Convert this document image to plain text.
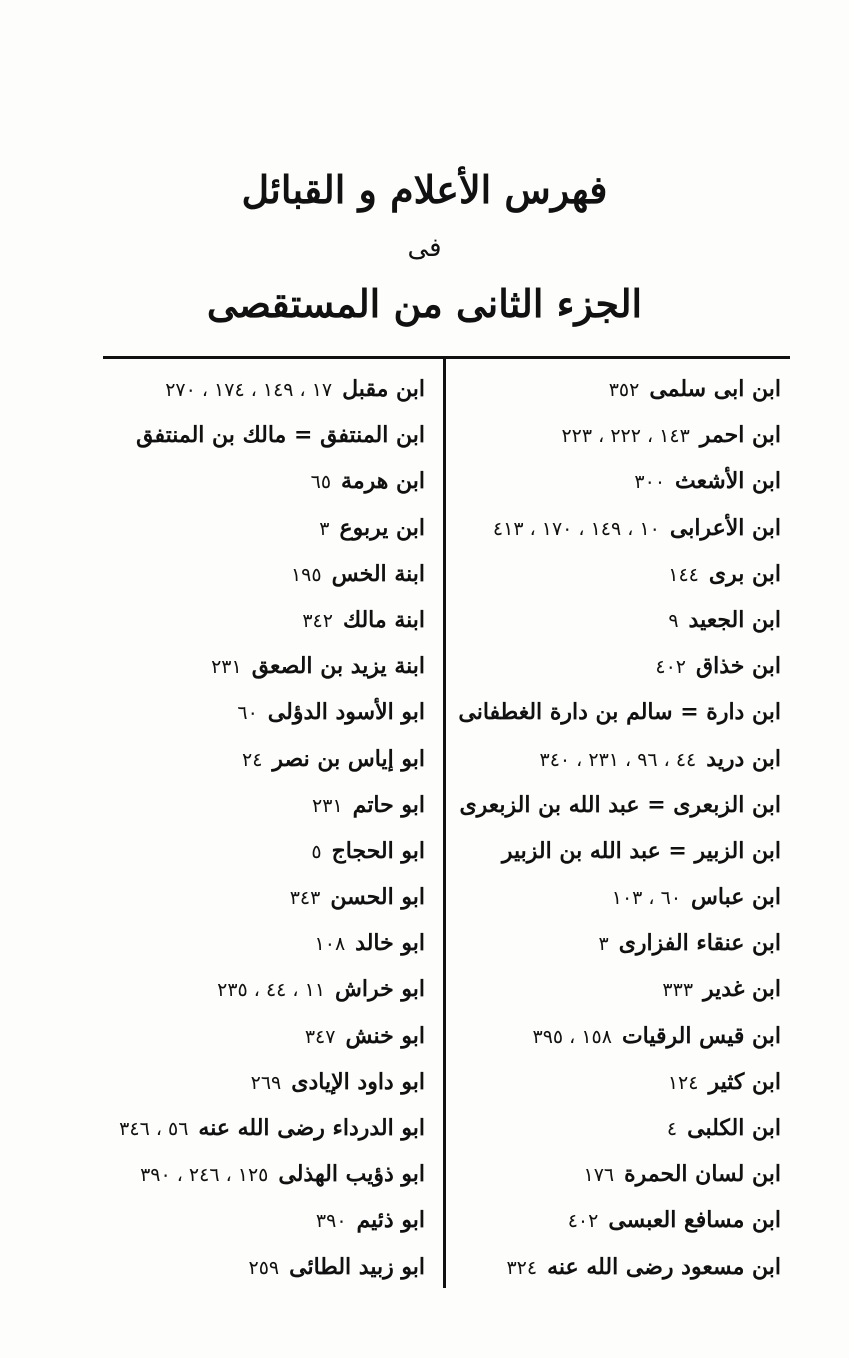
فهرس الأعلام و القبائل

فى

الجزء الثانى من المستقصى

ابن ابى سلمى٣٥٢
ابن احمر١٤٣ ، ٢٢٢ ، ٢٢٣
ابن الأشعث٣٠٠
ابن الأعرابى١٠ ، ١٤٩ ، ١٧٠ ، ٤١٣
ابن برى١٤٤
ابن الجعيد٩
ابن خذاق٤٠٢
ابن دارة = سالم بن دارة الغطفانى
ابن دريد٤٤ ، ٩٦ ، ٢٣١ ، ٣٤٠
ابن الزبعرى = عبد الله بن الزبعرى
ابن الزبير = عبد الله بن الزبير
ابن عباس٦٠ ، ١٠٣
ابن عنقاء الفزارى٣
ابن غدير٣٣٣
ابن قيس الرقيات١٥٨ ، ٣٩٥
ابن كثير١٢٤
ابن الكلبى٤
ابن لسان الحمرة١٧٦
ابن مسافع العبسى٤٠٢
ابن مسعود رضى الله عنه٣٢٤
ابن مقبل١٧ ، ١٤٩ ، ١٧٤ ، ٢٧٠
ابن المنتفق = مالك بن المنتفق
ابن هرمة٦٥
ابن يربوع٣
ابنة الخس١٩٥
ابنة مالك٣٤٢
ابنة يزيد بن الصعق٢٣١
ابو الأسود الدؤلى٦٠
ابو إياس بن نصر٢٤
ابو حاتم٢٣١
ابو الحجاج٥
ابو الحسن٣٤٣
ابو خالد١٠٨
ابو خراش١١ ، ٤٤ ، ٢٣٥
ابو خنش٣٤٧
ابو داود الإيادى٢٦٩
ابو الدرداء رضى الله عنه٥٦ ، ٣٤٦
ابو ذؤيب الهذلى١٢٥ ، ٢٤٦ ، ٣٩٠
ابو ذئيم٣٩٠
ابو زبيد الطائى٢٥٩
